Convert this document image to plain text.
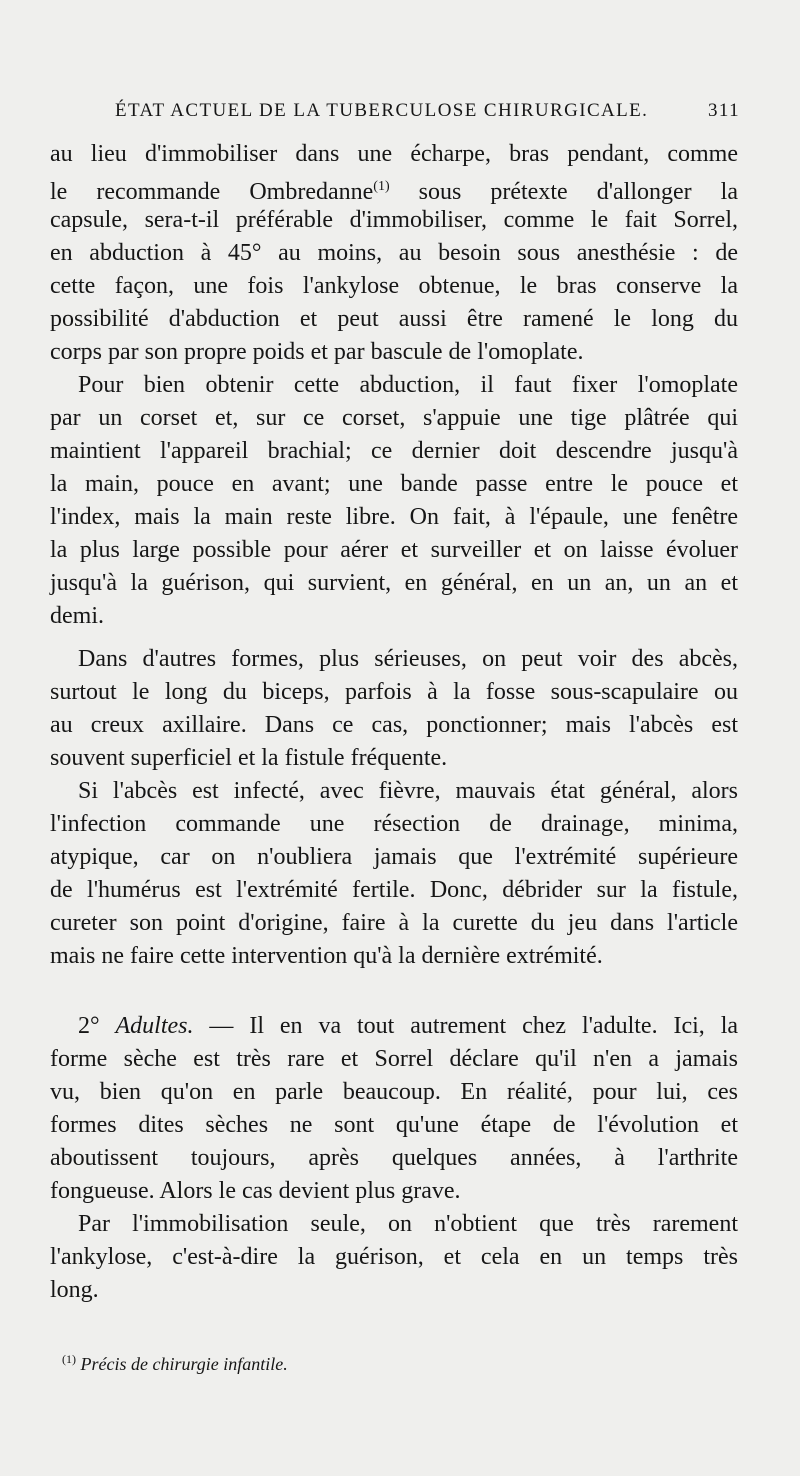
ÉTAT ACTUEL DE LA TUBERCULOSE CHIRURGICALE.	311
au lieu d'immobiliser dans une écharpe, bras pendant, comme
le recommande Ombredanne$^{(1)}$ sous prétexte d'allonger la
capsule, sera-t-il préférable d'immobiliser, comme le fait Sorrel,
en abduction à 45° au moins, au besoin sous anesthésie : de
cette façon, une fois l'ankylose obtenue, le bras conserve la
possibilité d'abduction et peut aussi être ramené le long du
corps par son propre poids et par bascule de l'omoplate.
Pour bien obtenir cette abduction, il faut fixer l'omoplate
par un corset et, sur ce corset, s'appuie une tige plâtrée qui
maintient l'appareil brachial; ce dernier doit descendre jusqu'à
la main, pouce en avant; une bande passe entre le pouce et
l'index, mais la main reste libre. On fait, à l'épaule, une fenêtre
la plus large possible pour aérer et surveiller et on laisse évoluer
jusqu'à la guérison, qui survient, en général, en un an, un an et
demi.
Dans d'autres formes, plus sérieuses, on peut voir des abcès,
surtout le long du biceps, parfois à la fosse sous-scapulaire ou
au creux axillaire. Dans ce cas, ponctionner; mais l'abcès est
souvent superficiel et la fistule fréquente.
Si l'abcès est infecté, avec fièvre, mauvais état général, alors
l'infection commande une résection de drainage, minima,
atypique, car on n'oubliera jamais que l'extrémité supérieure
de l'humérus est l'extrémité fertile. Donc, débrider sur la fistule,
cureter son point d'origine, faire à la curette du jeu dans l'article
mais ne faire cette intervention qu'à la dernière extrémité.
2° Adultes. — Il en va tout autrement chez l'adulte. Ici, la
forme sèche est très rare et Sorrel déclare qu'il n'en a jamais
vu, bien qu'on en parle beaucoup. En réalité, pour lui, ces
formes dites sèches ne sont qu'une étape de l'évolution et
aboutissent toujours, après quelques années, à l'arthrite
fongueuse. Alors le cas devient plus grave.
Par l'immobilisation seule, on n'obtient que très rarement
l'ankylose, c'est-à-dire la guérison, et cela en un temps très
long.
$^{(1)}$ Précis de chirurgie infantile.
